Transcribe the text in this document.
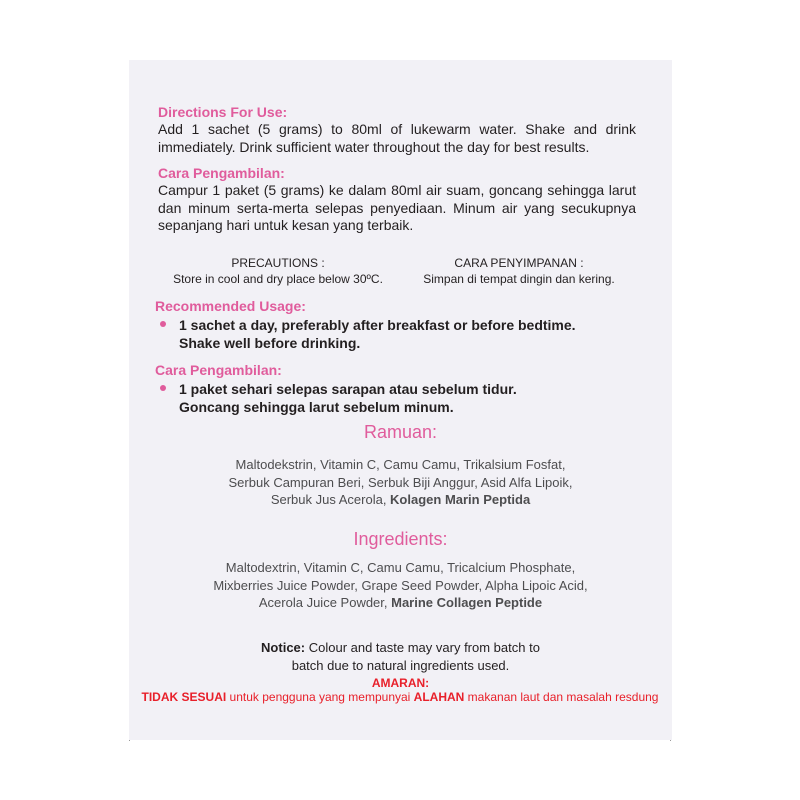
Directions For Use:

Add 1 sachet (5 grams) to 80ml of lukewarm water. Shake and drink

immediately. Drink sufficient water throughout the day for best results.

Cara Pengambilan:

Campur 1 paket (5 grams) ke dalam 80ml air suam, goncang sehingga larut

dan minum serta-merta selepas penyediaan. Minum air yang secukupnya

sepanjang hari untuk kesan yang terbaik.

PRECAUTIONS :
Store in cool and dry place below 30ºC.
CARA PENYIMPANAN :
Simpan di tempat dingin dan kering.
Recommended Usage:
1 sachet a day, preferably after breakfast or before bedtime.
Shake well before drinking.
Cara Pengambilan:
1 paket sehari selepas sarapan atau sebelum tidur.
Goncang sehingga larut sebelum minum.
Ramuan:

Maltodekstrin, Vitamin C, Camu Camu, Trikalsium Fosfat,

Serbuk Campuran Beri, Serbuk Biji Anggur, Asid Alfa Lipoik,

Serbuk Jus Acerola, Kolagen Marin Peptida

Ingredients:

Maltodextrin, Vitamin C, Camu Camu, Tricalcium Phosphate,

Mixberries Juice Powder, Grape Seed Powder, Alpha Lipoic Acid,

Acerola Juice Powder, Marine Collagen Peptide

Notice: Colour and taste may vary from batch to

batch due to natural ingredients used.

AMARAN:
TIDAK SESUAI untuk pengguna yang mempunyai ALAHAN makanan laut dan masalah resdung
